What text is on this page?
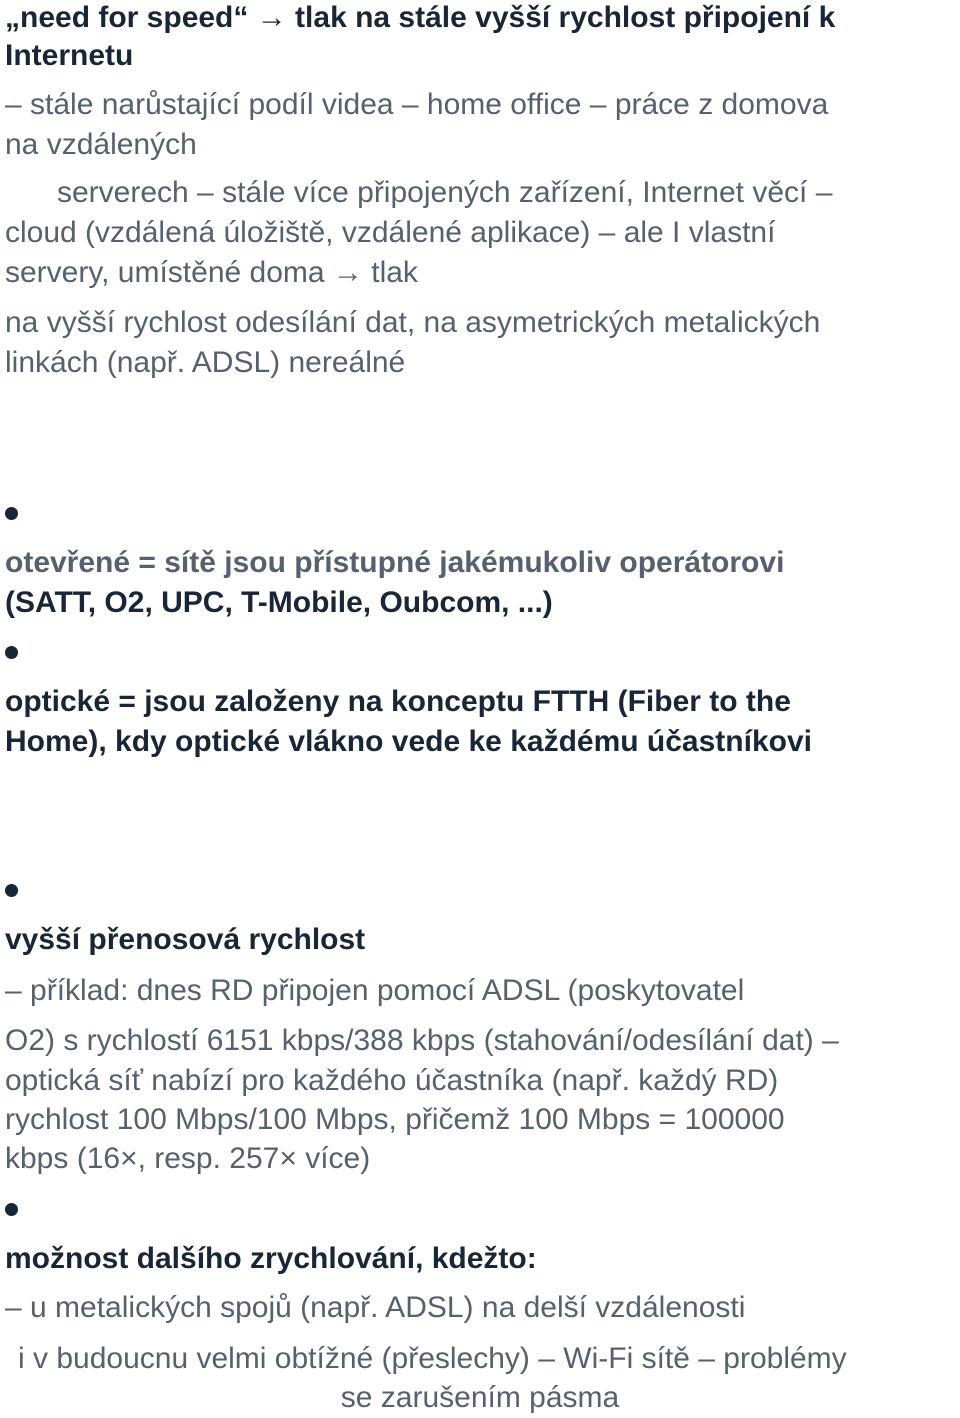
„need for speed“ → tlak na stále vyšší rychlost připojení k

Internetu

– stále narůstající podíl videa – home office – práce z domova

na vzdálených

serverech – stále více připojených zařízení, Internet věcí –

cloud (vzdálená úložiště, vzdálené aplikace) – ale I vlastní

servery, umístěné doma → tlak

na vyšší rychlost odesílání dat, na asymetrických metalických

linkách (např. ADSL) nereálné

otevřené = sítě jsou přístupné jakémukoliv operátorovi

(SATT, O2, UPC, T-Mobile, Oubcom, ...)

optické = jsou založeny na konceptu FTTH (Fiber to the

Home), kdy optické vlákno vede ke každému účastníkovi

vyšší přenosová rychlost

– příklad: dnes RD připojen pomocí ADSL (poskytovatel

O2) s rychlostí 6151 kbps/388 kbps (stahování/odesílání dat) –

optická síť nabízí pro každého účastníka (např. každý RD)

rychlost 100 Mbps/100 Mbps, přičemž 100 Mbps = 100000

kbps (16×, resp. 257× více)

možnost dalšího zrychlování, kdežto:

– u metalických spojů (např. ADSL) na delší vzdálenosti

i v budoucnu velmi obtížné (přeslechy) – Wi-Fi sítě – problémy

se zarušením pásma
